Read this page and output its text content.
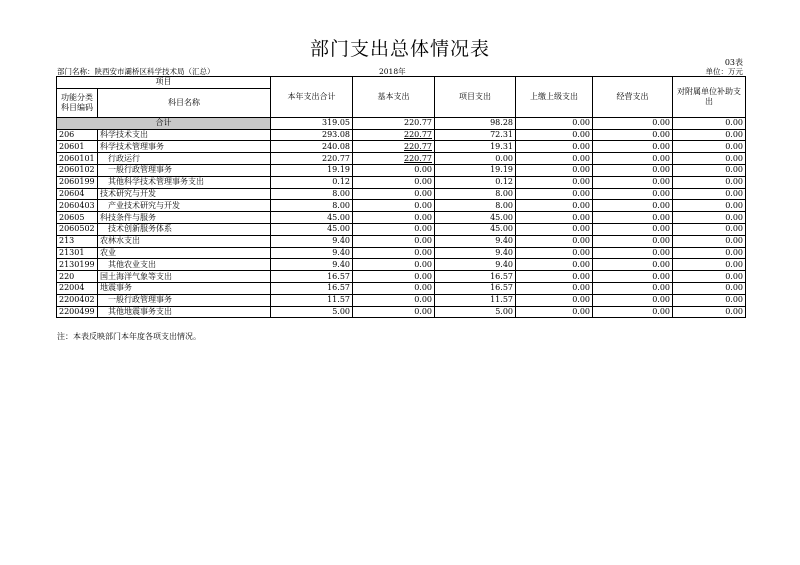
部门支出总体情况表
03表
部门名称：陕西安市灞桥区科学技术局（汇总）	2018年	单位：万元
项目		本年支出合计	基本支出	项目支出	上缴上级支出	经营支出	对附属单位补助支出
功能分类科目编码	科目名称						
合计		319.05	220.77	98.28	0.00	0.00	0.00
206	科学技术支出	293.08	220.77	72.31	0.00	0.00	0.00
20601	科学技术管理事务	240.08	220.77	19.31	0.00	0.00	0.00
2060101	行政运行	220.77	220.77	0.00	0.00	0.00	0.00
2060102	一般行政管理事务	19.19	0.00	19.19	0.00	0.00	0.00
2060199	其他科学技术管理事务支出	0.12	0.00	0.12	0.00	0.00	0.00
20604	技术研究与开发	8.00	0.00	8.00	0.00	0.00	0.00
2060403	产业技术研究与开发	8.00	0.00	8.00	0.00	0.00	0.00
20605	科技条件与服务	45.00	0.00	45.00	0.00	0.00	0.00
2060502	技术创新服务体系	45.00	0.00	45.00	0.00	0.00	0.00
213	农林水支出	9.40	0.00	9.40	0.00	0.00	0.00
21301	农业	9.40	0.00	9.40	0.00	0.00	0.00
2130199	其他农业支出	9.40	0.00	9.40	0.00	0.00	0.00
220	国土海洋气象等支出	16.57	0.00	16.57	0.00	0.00	0.00
22004	地震事务	16.57	0.00	16.57	0.00	0.00	0.00
2200402	一般行政管理事务	11.57	0.00	11.57	0.00	0.00	0.00
2200499	其他地震事务支出	5.00	0.00	5.00	0.00	0.00	0.00
注：本表反映部门本年度各项支出情况。
